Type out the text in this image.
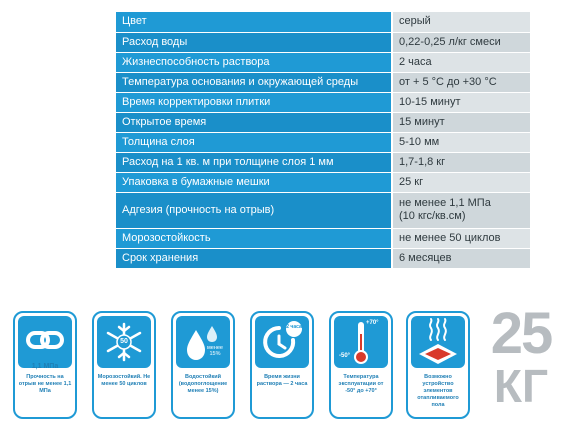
Цвет	серый
Расход воды	0,22-0,25 л/кг смеси
Жизнеспособность раствора	2 часа
Температура основания и окружающей среды	от + 5 °С до +30 °С
Время корректировки плитки	10-15 минут
Открытое время	15 минут
Толщина слоя	5-10 мм
Расход на 1 кв. м при толщине слоя 1 мм	1,7-1,8 кг
Упаковка в бумажные мешки	25 кг
Адгезия (прочность на отрыв)	не менее 1,1 МПа
(10 кгс/кв.см)

Морозостойкость	не менее 50 циклов
Срок хранения	6 месяцев
1,1 МПа
Прочность на отрыв не менее 1,1 МПа
50
Морозостойкий. Не менее 50 циклов
менее 15%
Водостойкий (водопоглощение менее 15%)
2 часа
Время жизни раствора — 2 часа
+70°
-50°
Температура эксплуатации от -50° до +70°
Возможно устройство элементов отапливаемого пола
25
КГ
